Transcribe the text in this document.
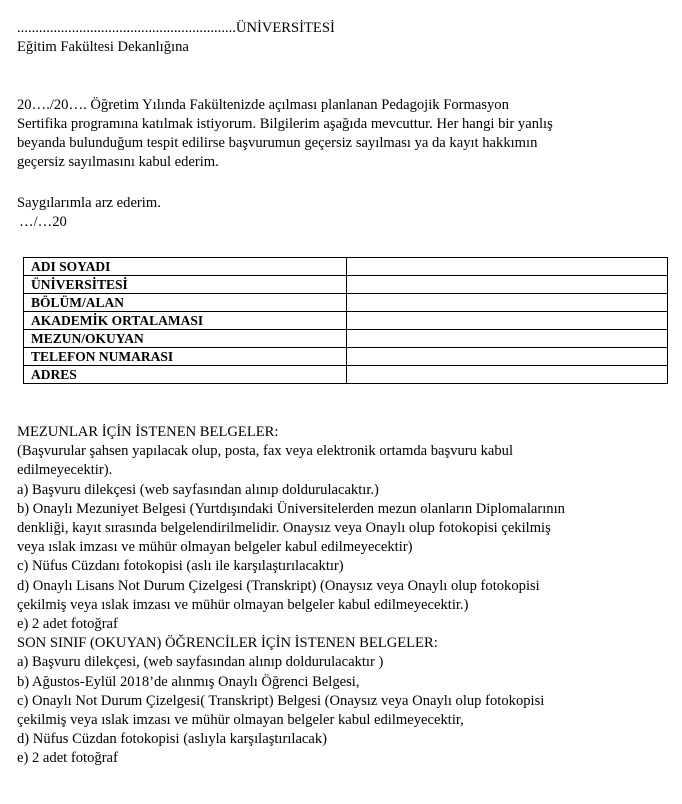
............................................................ÜNİVERSİTESİ
Eğitim Fakültesi Dekanlığına
20…./20…. Öğretim Yılında Fakültenizde açılması planlanan Pedagojik Formasyon
Sertifika programına katılmak istiyorum. Bilgilerim aşağıda mevcuttur. Her hangi bir yanlış
beyanda bulunduğum tespit edilirse başvurumun geçersiz sayılması ya da kayıt hakkımın
geçersiz sayılmasını kabul ederim.
Saygılarımla arz ederim.
…/…20
ADI SOYADI	
ÜNİVERSİTESİ	
BÖLÜM/ALAN	
AKADEMİK ORTALAMASI	
MEZUN/OKUYAN	
TELEFON NUMARASI	
ADRES	
MEZUNLAR İÇİN İSTENEN BELGELER:
(Başvurular şahsen yapılacak olup, posta, fax veya elektronik ortamda başvuru kabul
edilmeyecektir).
a) Başvuru dilekçesi (web sayfasından alınıp doldurulacaktır.)
b) Onaylı Mezuniyet Belgesi (Yurtdışındaki Üniversitelerden mezun olanların Diplomalarının
denkliği, kayıt sırasında belgelendirilmelidir. Onaysız veya Onaylı olup fotokopisi çekilmiş
veya ıslak imzası ve mühür olmayan belgeler kabul edilmeyecektir)
c) Nüfus Cüzdanı fotokopisi (aslı ile karşılaştırılacaktır)
d) Onaylı Lisans Not Durum Çizelgesi (Transkript) (Onaysız veya Onaylı olup fotokopisi
çekilmiş veya ıslak imzası ve mühür olmayan belgeler kabul edilmeyecektir.)
e) 2 adet fotoğraf
SON SINIF (OKUYAN) ÖĞRENCİLER İÇİN İSTENEN BELGELER:
a) Başvuru dilekçesi, (web sayfasından alınıp doldurulacaktır )
b) Ağustos-Eylül 2018’de alınmış Onaylı Öğrenci Belgesi,
c) Onaylı Not Durum Çizelgesi( Transkript) Belgesi (Onaysız veya Onaylı olup fotokopisi
çekilmiş veya ıslak imzası ve mühür olmayan belgeler kabul edilmeyecektir,
d) Nüfus Cüzdan fotokopisi (aslıyla karşılaştırılacak)
e) 2 adet fotoğraf
